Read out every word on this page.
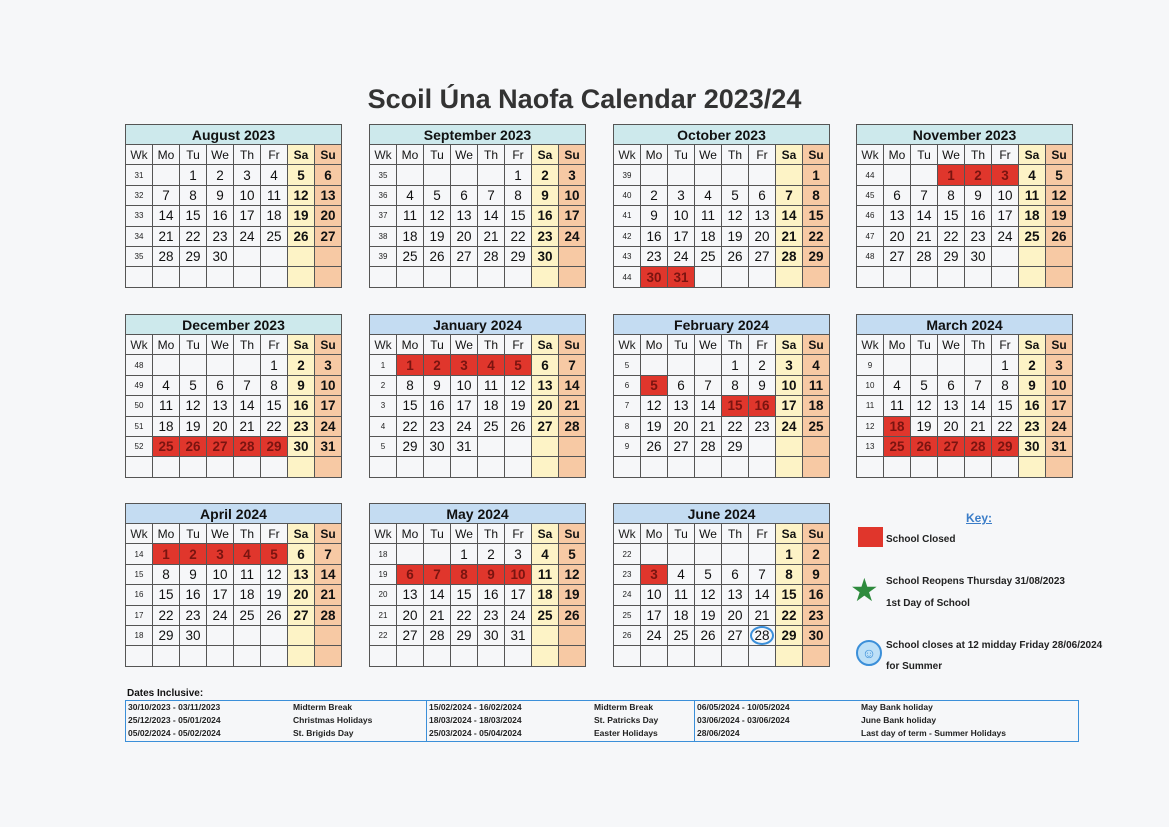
Scoil Úna Naofa Calendar 2023/24
August 2023							
Wk	Mo	Tu	We	Th	Fr	Sa	Su
31		1	2	3	4	5	6
32	7	8	9	10	11	12	13
33	14	15	16	17	18	19	20
34	21	22	23	24	25	26	27
35	28	29	30				

September 2023							
Wk	Mo	Tu	We	Th	Fr	Sa	Su
35					1	2	3
36	4	5	6	7	8	9	10
37	11	12	13	14	15	16	17
38	18	19	20	21	22	23	24
39	25	26	27	28	29	30	

October 2023							
Wk	Mo	Tu	We	Th	Fr	Sa	Su
39							1
40	2	3	4	5	6	7	8
41	9	10	11	12	13	14	15
42	16	17	18	19	20	21	22
43	23	24	25	26	27	28	29
44	30	31					
November 2023							
Wk	Mo	Tu	We	Th	Fr	Sa	Su
44			1	2	3	4	5
45	6	7	8	9	10	11	12
46	13	14	15	16	17	18	19
47	20	21	22	23	24	25	26
48	27	28	29	30			

December 2023							
Wk	Mo	Tu	We	Th	Fr	Sa	Su
48					1	2	3
49	4	5	6	7	8	9	10
50	11	12	13	14	15	16	17
51	18	19	20	21	22	23	24
52	25	26	27	28	29	30	31

January 2024							
Wk	Mo	Tu	We	Th	Fr	Sa	Su
1	1	2	3	4	5	6	7
2	8	9	10	11	12	13	14
3	15	16	17	18	19	20	21
4	22	23	24	25	26	27	28
5	29	30	31				

February 2024							
Wk	Mo	Tu	We	Th	Fr	Sa	Su
5				1	2	3	4
6	5	6	7	8	9	10	11
7	12	13	14	15	16	17	18
8	19	20	21	22	23	24	25
9	26	27	28	29			

March 2024							
Wk	Mo	Tu	We	Th	Fr	Sa	Su
9					1	2	3
10	4	5	6	7	8	9	10
11	11	12	13	14	15	16	17
12	18	19	20	21	22	23	24
13	25	26	27	28	29	30	31

April 2024							
Wk	Mo	Tu	We	Th	Fr	Sa	Su
14	1	2	3	4	5	6	7
15	8	9	10	11	12	13	14
16	15	16	17	18	19	20	21
17	22	23	24	25	26	27	28
18	29	30					

May 2024							
Wk	Mo	Tu	We	Th	Fr	Sa	Su
18			1	2	3	4	5
19	6	7	8	9	10	11	12
20	13	14	15	16	17	18	19
21	20	21	22	23	24	25	26
22	27	28	29	30	31		

June 2024							
Wk	Mo	Tu	We	Th	Fr	Sa	Su
22						1	2
23	3	4	5	6	7	8	9
24	10	11	12	13	14	15	16
25	17	18	19	20	21	22	23
26	24	25	26	27	28	29	30

Key:
School Closed
★ School Reopens Thursday 31/08/2023
1st Day of School
☺ School closes at 12 midday Friday 28/06/2024
for Summer
Dates Inclusive:
30/10/2023 - 03/11/2023	Midterm Break
25/12/2023 - 05/01/2024	Christmas Holidays
05/02/2024 - 05/02/2024	St. Brigids Day
15/02/2024 - 16/02/2024	Midterm Break
18/03/2024 - 18/03/2024	St. Patricks Day
25/03/2024 - 05/04/2024	Easter Holidays
06/05/2024 - 10/05/2024	May Bank holiday
03/06/2024 - 03/06/2024	June Bank holiday
28/06/2024	Last day of term - Summer Holidays
